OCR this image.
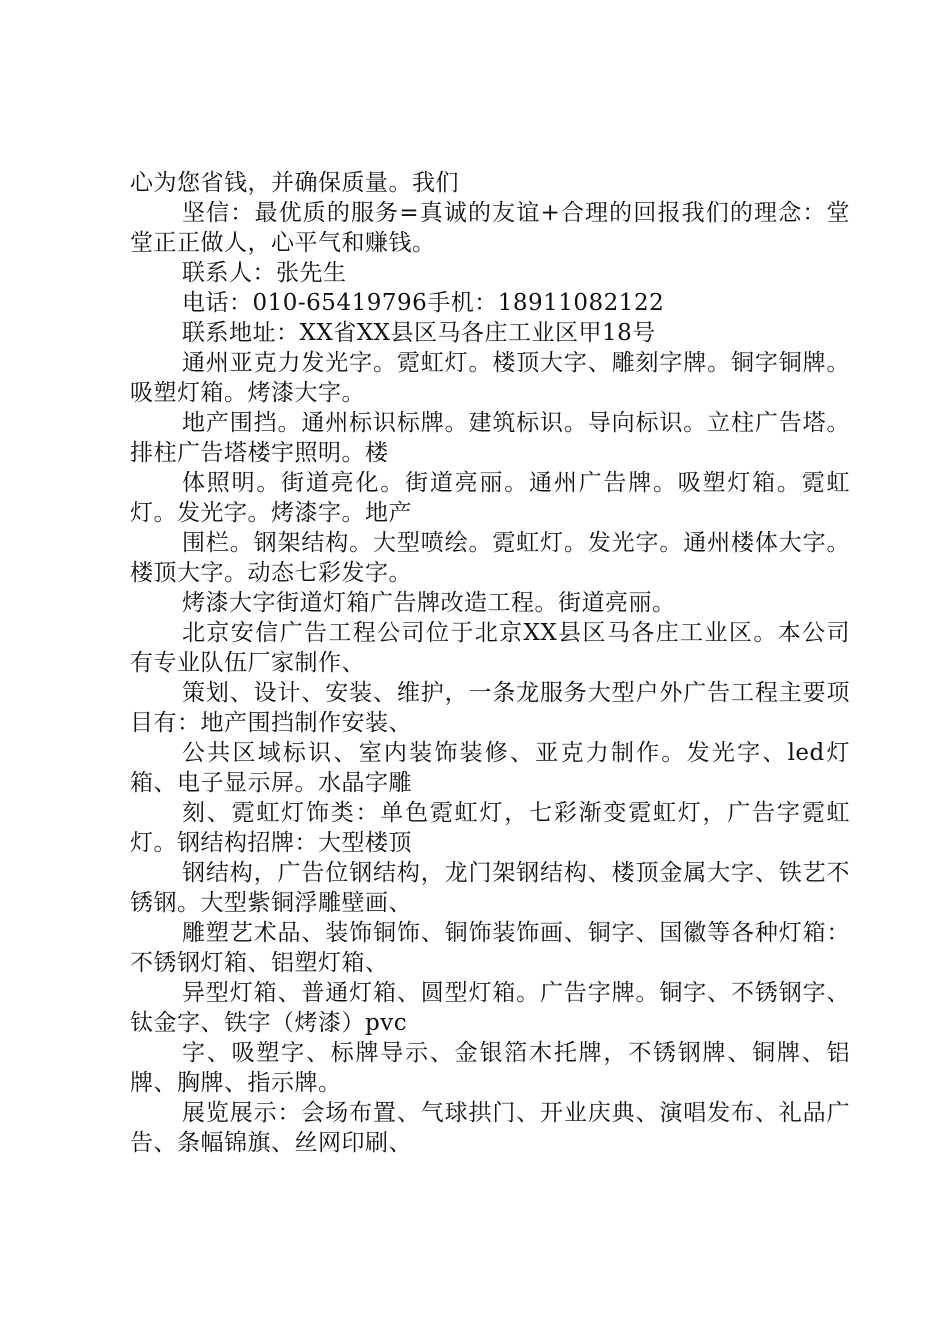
心为您省钱，并确保质量。我们

坚信：最优质的服务=真诚的友谊+合理的回报我们的理念：堂堂正正做人，心平气和赚钱。

联系人：张先生

电话：010-65419796手机：18911082122

联系地址：XX省XX县区马各庄工业区甲18号

通州亚克力发光字。霓虹灯。楼顶大字、雕刻字牌。铜字铜牌。吸塑灯箱。烤漆大字。

地产围挡。通州标识标牌。建筑标识。导向标识。立柱广告塔。排柱广告塔楼宇照明。楼

体照明。街道亮化。街道亮丽。通州广告牌。吸塑灯箱。霓虹灯。发光字。烤漆字。地产

围栏。钢架结构。大型喷绘。霓虹灯。发光字。通州楼体大字。楼顶大字。动态七彩发字。

烤漆大字街道灯箱广告牌改造工程。街道亮丽。

北京安信广告工程公司位于北京XX县区马各庄工业区。本公司有专业队伍厂家制作、

策划、设计、安装、维护，一条龙服务大型户外广告工程主要项目有：地产围挡制作安装、

公共区域标识、室内装饰装修、亚克力制作。发光字、led灯箱、电子显示屏。水晶字雕

刻、霓虹灯饰类：单色霓虹灯，七彩渐变霓虹灯，广告字霓虹灯。钢结构招牌：大型楼顶

钢结构，广告位钢结构，龙门架钢结构、楼顶金属大字、铁艺不锈钢。大型紫铜浮雕壁画、

雕塑艺术品、装饰铜饰、铜饰装饰画、铜字、国徽等各种灯箱：不锈钢灯箱、铝塑灯箱、

异型灯箱、普通灯箱、圆型灯箱。广告字牌。铜字、不锈钢字、钛金字、铁字（烤漆）pvc

字、吸塑字、标牌导示、金银箔木托牌，不锈钢牌、铜牌、铝牌、胸牌、指示牌。

展览展示：会场布置、气球拱门、开业庆典、演唱发布、礼品广告、条幅锦旗、丝网印刷、
